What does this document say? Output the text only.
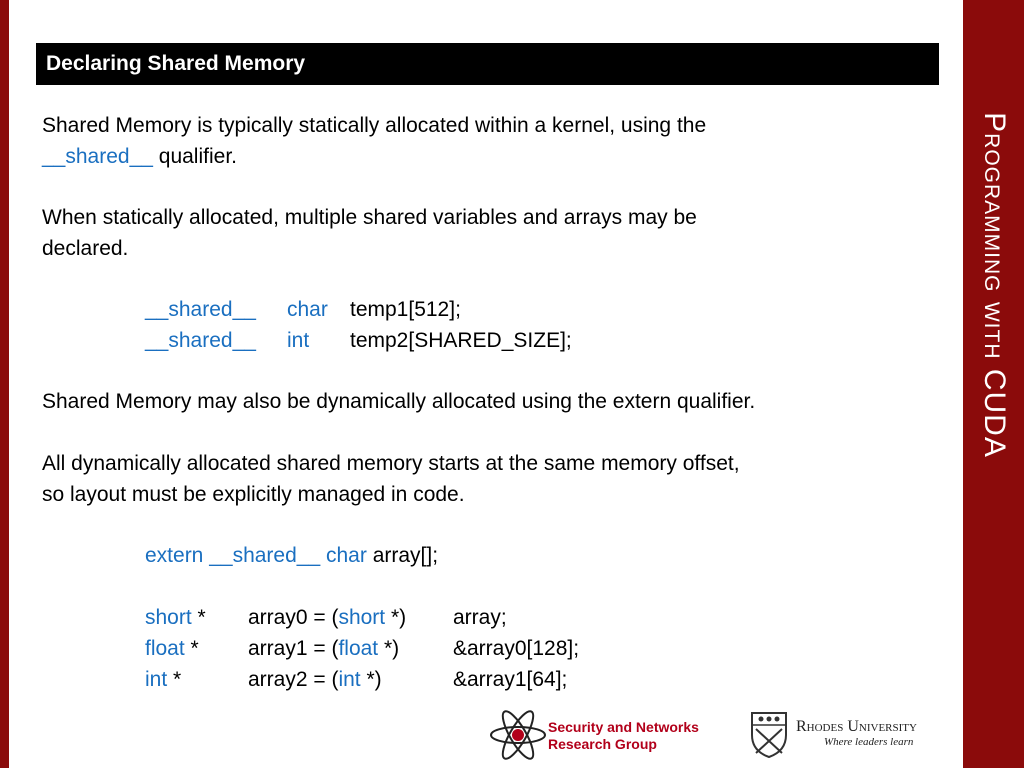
Programming with CUDA
Declaring Shared Memory
Shared Memory is typically statically allocated within a kernel, using the
__shared__ qualifier.
When statically allocated, multiple shared variables and arrays may be
declared.
__shared__ char temp1[512];
__shared__ int temp2[SHARED_SIZE];
Shared Memory may also be dynamically allocated using the extern qualifier.
All dynamically allocated shared memory starts at the same memory offset,
so layout must be explicitly managed in code.
extern __shared__ char array[];
short * array0 = (short *) array;
float * array1 = (float *)	&array0[128];
int *	array2 = (int *)	&array1[64];
Security and Networks
Research Group
Rhodes University
Where leaders learn
